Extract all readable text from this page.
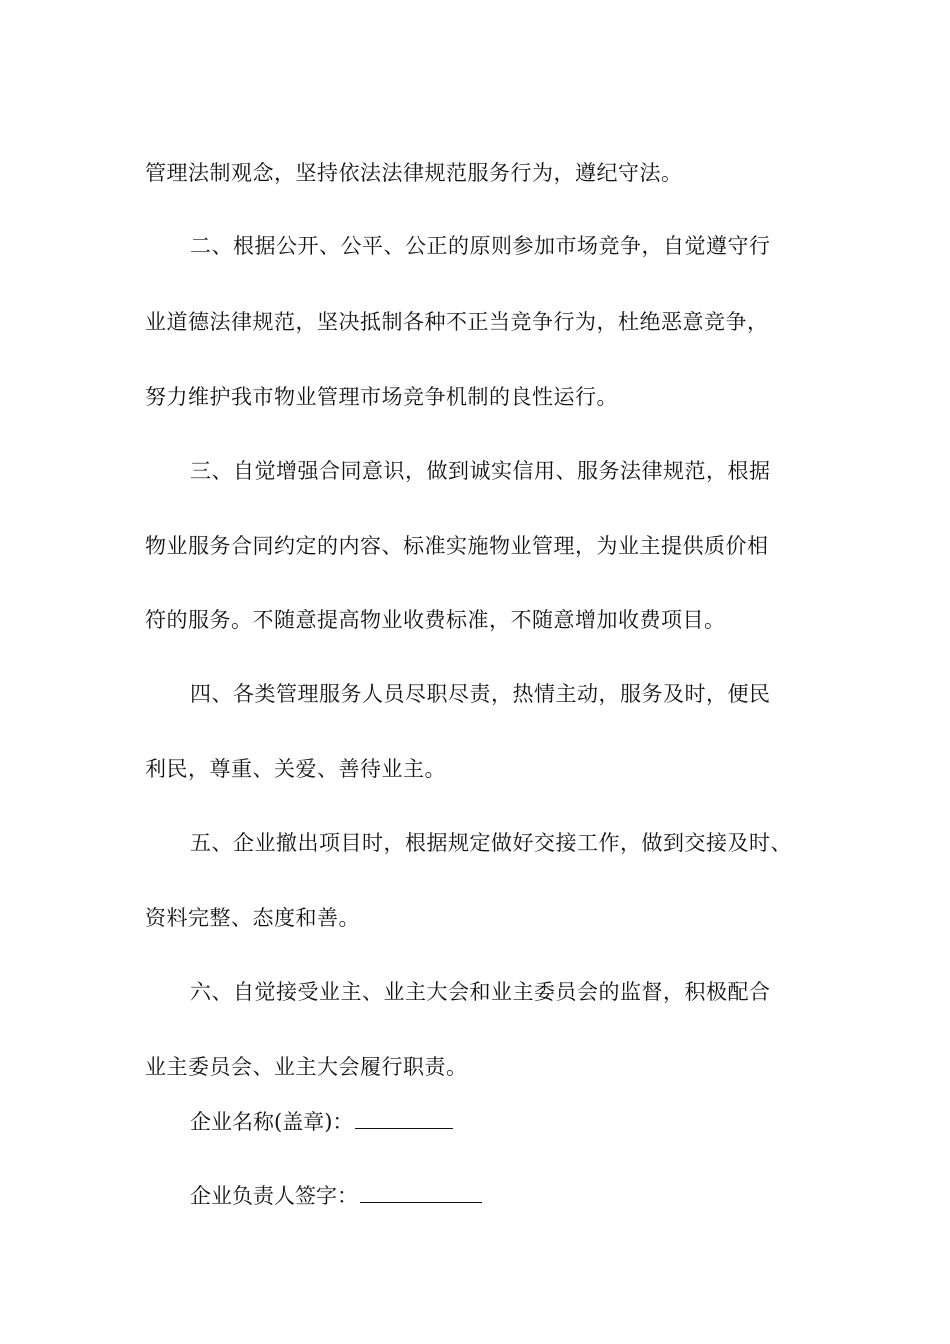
管理法制观念，坚持依法法律规范服务行为，遵纪守法。

二、根据公开、公平、公正的原则参加市场竞争，自觉遵守行

业道德法律规范，坚决抵制各种不正当竞争行为，杜绝恶意竞争，

努力维护我市物业管理市场竞争机制的良性运行。

三、自觉增强合同意识，做到诚实信用、服务法律规范，根据

物业服务合同约定的内容、标准实施物业管理，为业主提供质价相

符的服务。不随意提高物业收费标准，不随意增加收费项目。

四、各类管理服务人员尽职尽责，热情主动，服务及时，便民

利民，尊重、关爱、善待业主。

五、企业撤出项目时，根据规定做好交接工作，做到交接及时、

资料完整、态度和善。

六、自觉接受业主、业主大会和业主委员会的监督，积极配合

业主委员会、业主大会履行职责。

企业名称(盖章)：
企业负责人签字：
